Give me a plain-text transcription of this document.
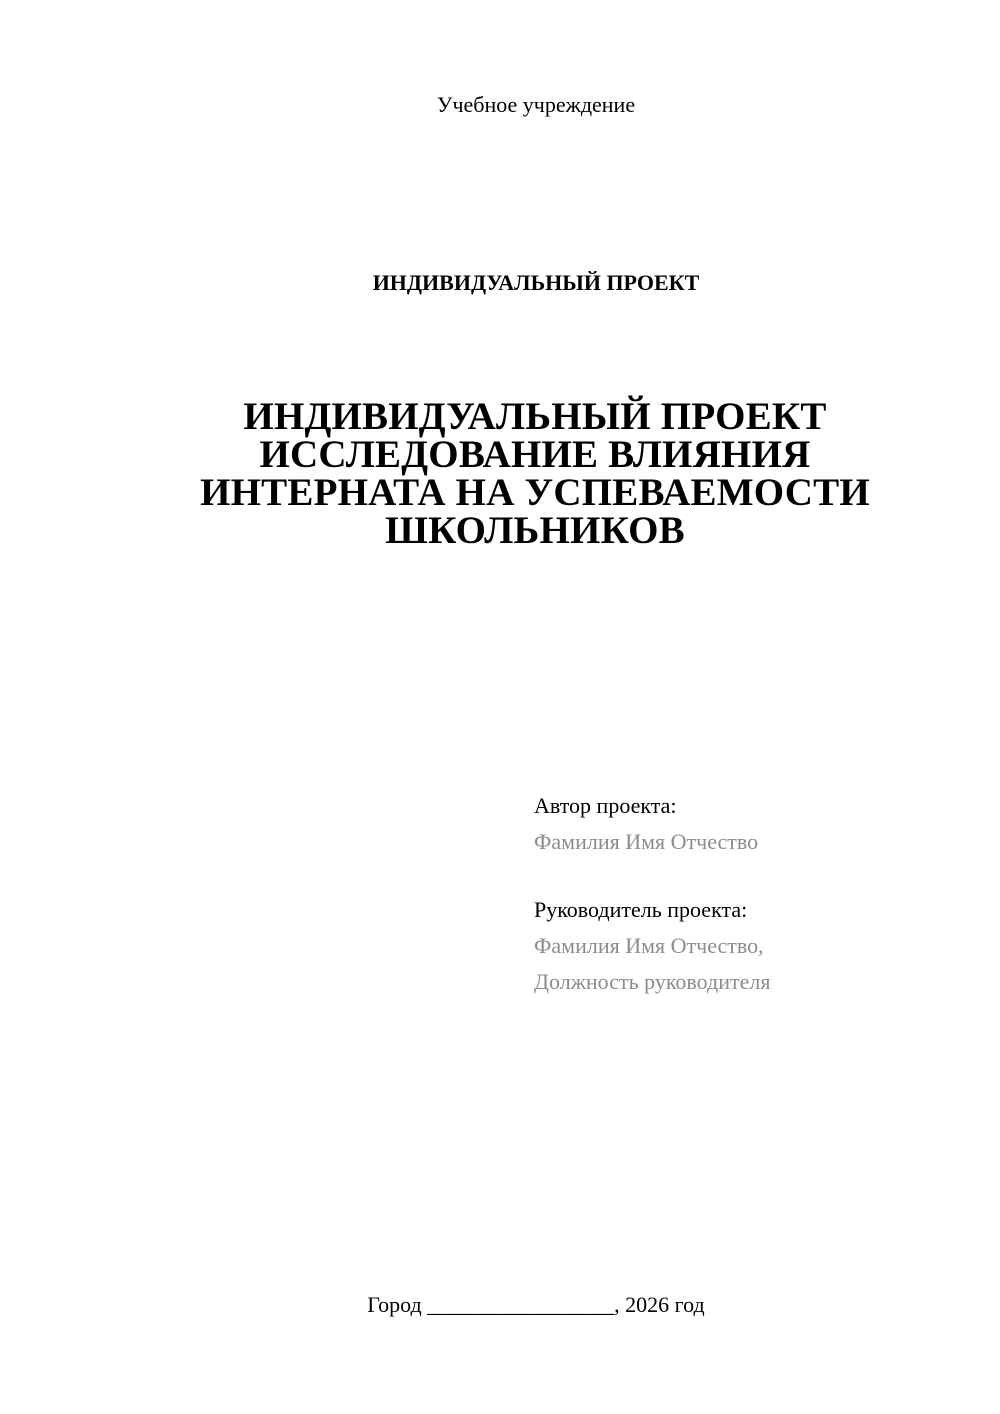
Учебное учреждение
ИНДИВИДУАЛЬНЫЙ ПРОЕКТ
ИНДИВИДУАЛЬНЫЙ ПРОЕКТ
ИССЛЕДОВАНИЕ ВЛИЯНИЯ
ИНТЕРНАТА НА УСПЕВАЕМОСТИ
ШКОЛЬНИКОВ
Автор проекта:
Фамилия Имя Отчество
Руководитель проекта:
Фамилия Имя Отчество,
Должность руководителя
Город _________________, 2026 год
